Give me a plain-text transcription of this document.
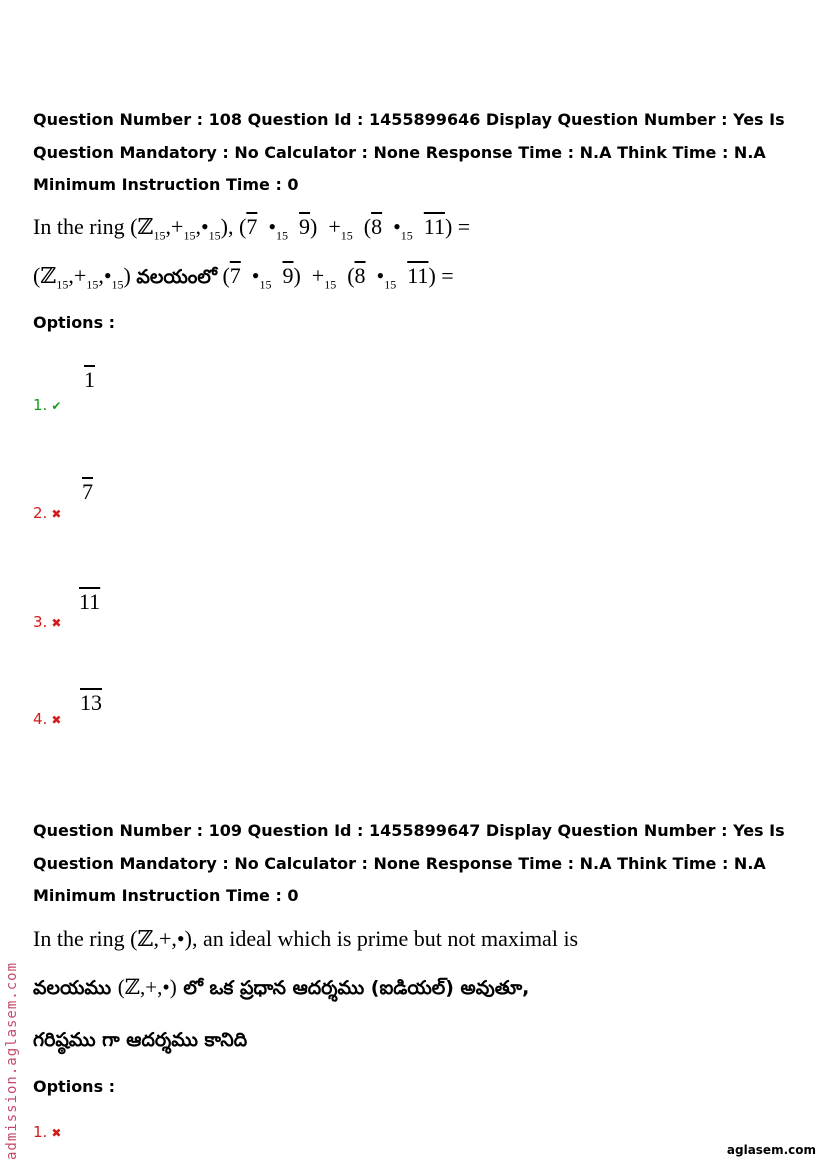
Question Number : 108 Question Id : 1455899646 Display Question Number : Yes Is Question Mandatory : No Calculator : None Response Time : N.A Think Time : N.A Minimum Instruction Time : 0
In the ring $(ℤ_{15},+_{15},•_{15})$, (7  $•_{15}$ $9) +_{15}$  (8  $•_{15}$ 11) =
$(ℤ_{15},+_{15},•_{15})$ వలయంలో (7  $•_{15}$ $9) +_{15}$  (8  $•_{15}$ 11) =
Options :
1. ✔
1
2. ✖
7
3. ✖
11
4. ✖
13
Question Number : 109 Question Id : 1455899647 Display Question Number : Yes Is Question Mandatory : No Calculator : None Response Time : N.A Think Time : N.A Minimum Instruction Time : 0
In the ring (ℤ,+,•), an ideal which is prime but not maximal is
వలయము (ℤ,+,•) లో ఒక ప్రధాన ఆదర్శము (ఐడియల్) అవుతూ,
గరిష్ఠము గా ఆదర్శము కానిది
Options :
1. ✖
admission.aglasem.com	aglasem.com
